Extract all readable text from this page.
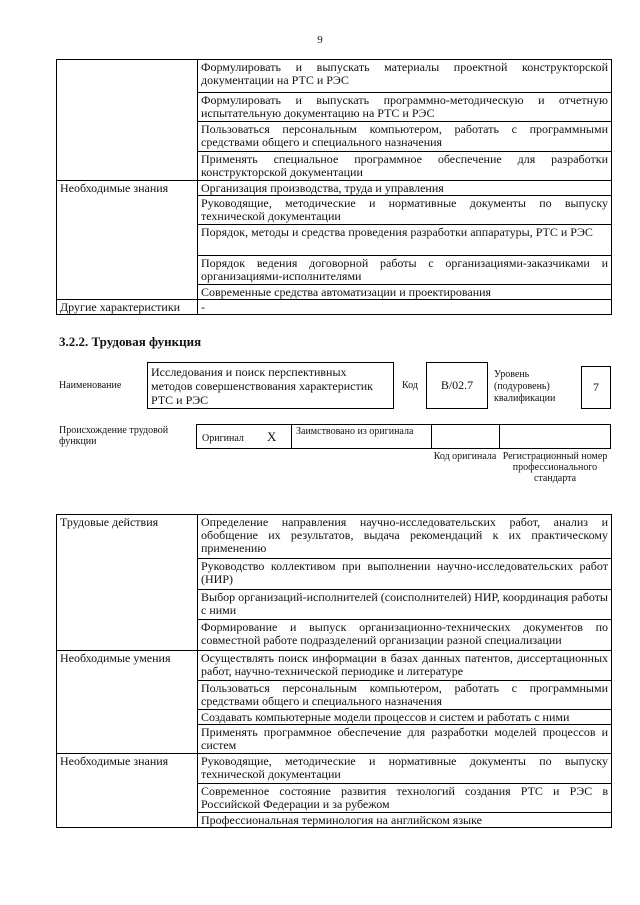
9
	Формулировать и выпускать материалы проектной конструкторской документации на РТС и РЭС
	Формулировать и выпускать программно-методическую и отчетную испытательную документацию на РТС и РЭС
	Пользоваться персональным компьютером, работать с программными средствами общего и специального назначения
	Применять специальное программное обеспечение для разработки конструкторской документации
Необходимые знания	Организация производства, труда и управления
	Руководящие, методические и нормативные документы по выпуску технической документации
	Порядок, методы и средства проведения разработки аппаратуры, РТС и РЭС
	Порядок ведения договорной работы с организациями-заказчиками и организациями-исполнителями
	Современные средства автоматизации и проектирования
Другие характеристики	-
3.2.2. Трудовая функция
Наименование
Исследования и поиск перспективных методов совершенствования характеристик РТС и РЭС
Код В/02.7
Уровень (подуровень) квалификации
7
Происхождение трудовой функции	Оригинал X Заимствовано из оригинала
Код оригинала Регистрационный номер профессионального стандарта
Трудовые действия	Определение направления научно-исследовательских работ, анализ и обобщение их результатов, выдача рекомендаций к их практическому применению
	Руководство коллективом при выполнении научно-исследовательских работ (НИР)
	Выбор организаций-исполнителей (соисполнителей) НИР, координация работы с ними
	Формирование и выпуск организационно-технических документов по совместной работе подразделений организации разной специализации
Необходимые умения	Осуществлять поиск информации в базах данных патентов, диссертационных работ, научно-технической периодике и литературе
	Пользоваться персональным компьютером, работать с программными средствами общего и специального назначения
	Создавать компьютерные модели процессов и систем и работать с ними
	Применять программное обеспечение для разработки моделей процессов и систем
Необходимые знания	Руководящие, методические и нормативные документы по выпуску технической документации
	Современное состояние развития технологий создания РТС и РЭС в Российской Федерации и за рубежом
	Профессиональная терминология на английском языке
